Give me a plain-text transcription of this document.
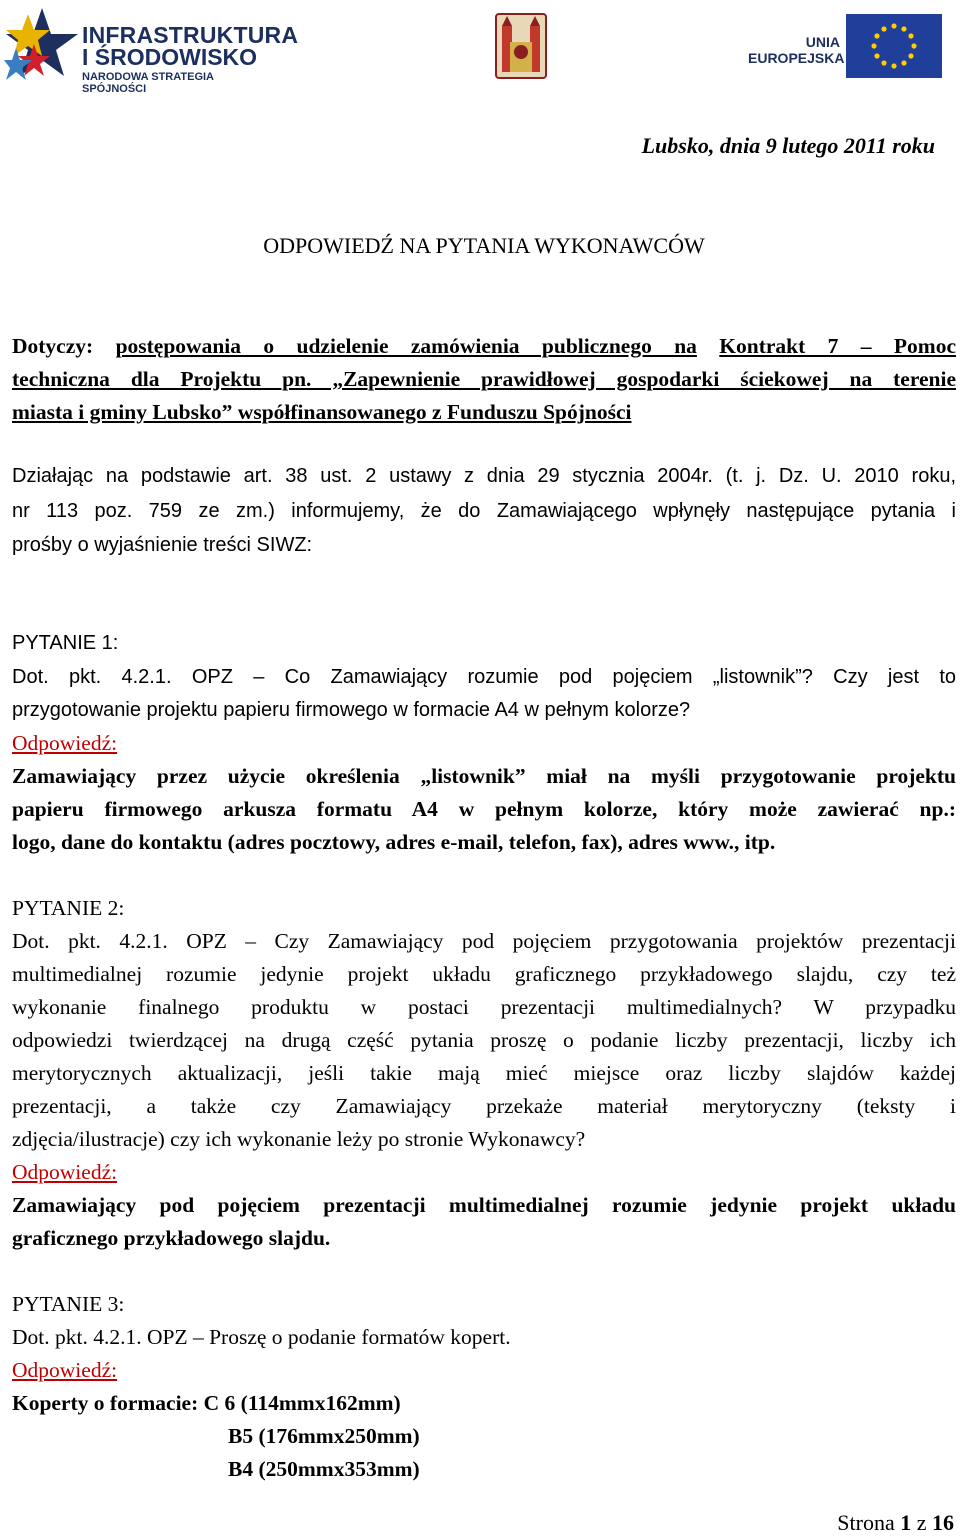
INFRASTRUKTURA
I ŚRODOWISKO
NARODOWA STRATEGIA SPÓJNOŚCI
UNIA
EUROPEJSKA
Lubsko, dnia 9 lutego 2011 roku
ODPOWIEDŹ NA PYTANIA WYKONAWCÓW
Dotyczy: postępowania o udzielenie zamówienia publicznego na Kontrakt 7 – Pomoc
techniczna dla Projektu pn. „Zapewnienie prawidłowej gospodarki ściekowej na terenie
miasta i gminy Lubsko” współfinansowanego z Funduszu Spójności
Działając na podstawie art. 38 ust. 2 ustawy z dnia 29 stycznia 2004r. (t. j. Dz. U. 2010 roku,
nr 113 poz. 759 ze zm.) informujemy, że do Zamawiającego wpłynęły następujące pytania i
prośby o wyjaśnienie treści SIWZ:
PYTANIE 1:
Dot. pkt. 4.2.1. OPZ – Co Zamawiający rozumie pod pojęciem „listownik”? Czy jest to
przygotowanie projektu papieru firmowego w formacie A4 w pełnym kolorze?
Odpowiedź:
Zamawiający przez użycie określenia „listownik” miał na myśli przygotowanie projektu
papieru firmowego arkusza formatu A4 w pełnym kolorze, który może zawierać np.:
logo, dane do kontaktu (adres pocztowy, adres e-mail, telefon, fax), adres www., itp.
PYTANIE 2:
Dot. pkt. 4.2.1. OPZ – Czy Zamawiający pod pojęciem przygotowania projektów prezentacji
multimedialnej rozumie jedynie projekt układu graficznego przykładowego slajdu, czy też
wykonanie finalnego produktu w postaci prezentacji multimedialnych? W przypadku
odpowiedzi twierdzącej na drugą część pytania proszę o podanie liczby prezentacji, liczby ich
merytorycznych aktualizacji, jeśli takie mają mieć miejsce oraz liczby slajdów każdej
prezentacji, a także czy Zamawiający przekaże materiał merytoryczny (teksty i
zdjęcia/ilustracje) czy ich wykonanie leży po stronie Wykonawcy?
Odpowiedź:
Zamawiający pod pojęciem prezentacji multimedialnej rozumie jedynie projekt układu
graficznego przykładowego slajdu.
PYTANIE 3:
Dot. pkt. 4.2.1. OPZ – Proszę o podanie formatów kopert.
Odpowiedź:
Koperty o formacie: C 6 (114mmx162mm)
B5 (176mmx250mm)
B4 (250mmx353mm)
Strona 1 z 16
